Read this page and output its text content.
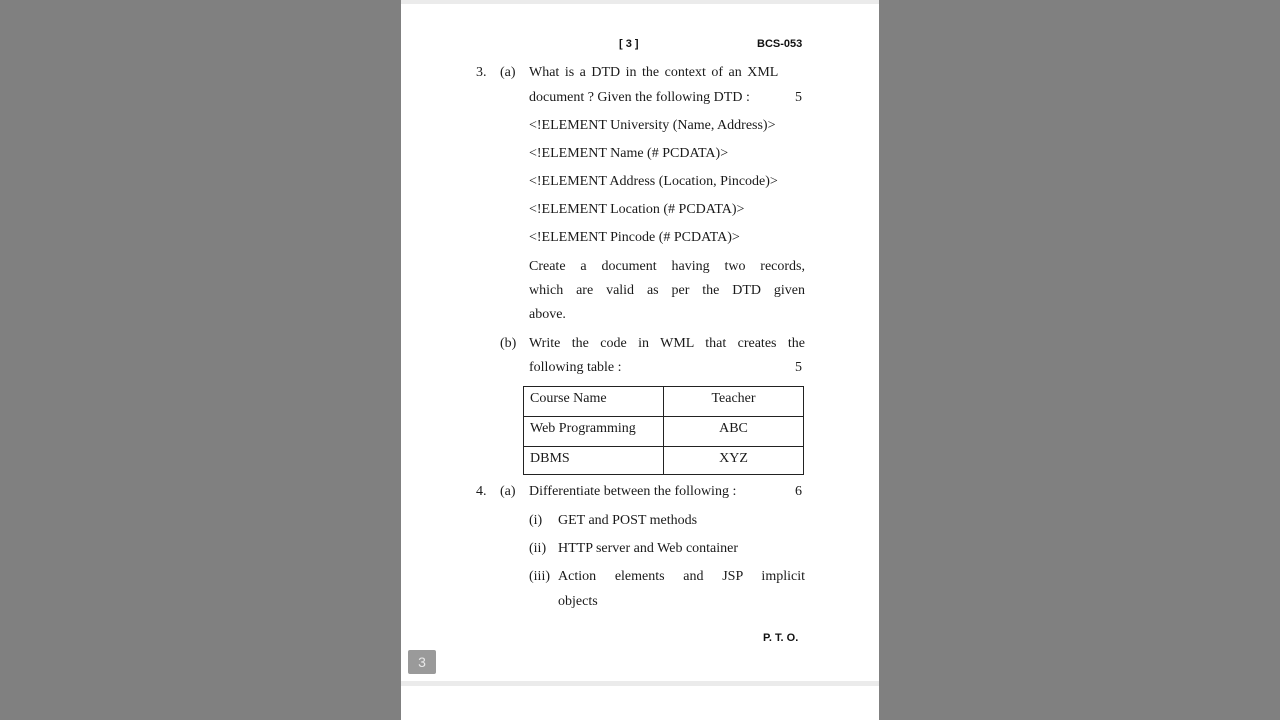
[ 3 ]	BCS-053
3. (a) What is a DTD in the context of an XML
document ? Given the following DTD :	5
<!ELEMENT University (Name, Address)>
<!ELEMENT Name (# PCDATA)>
<!ELEMENT Address (Location, Pincode)>
<!ELEMENT Location (# PCDATA)>
<!ELEMENT Pincode (# PCDATA)>
Create a document having two records,
which are valid as per the DTD given
above.
(b) Write the code in WML that creates the
following table :	5
Course Name	Teacher
Web Programming	ABC
DBMS	XYZ
4. (a) Differentiate between the following :	6
(i) GET and POST methods
(ii) HTTP server and Web container
(iii) Action elements and JSP implicit
objects
P. T. O.
3
